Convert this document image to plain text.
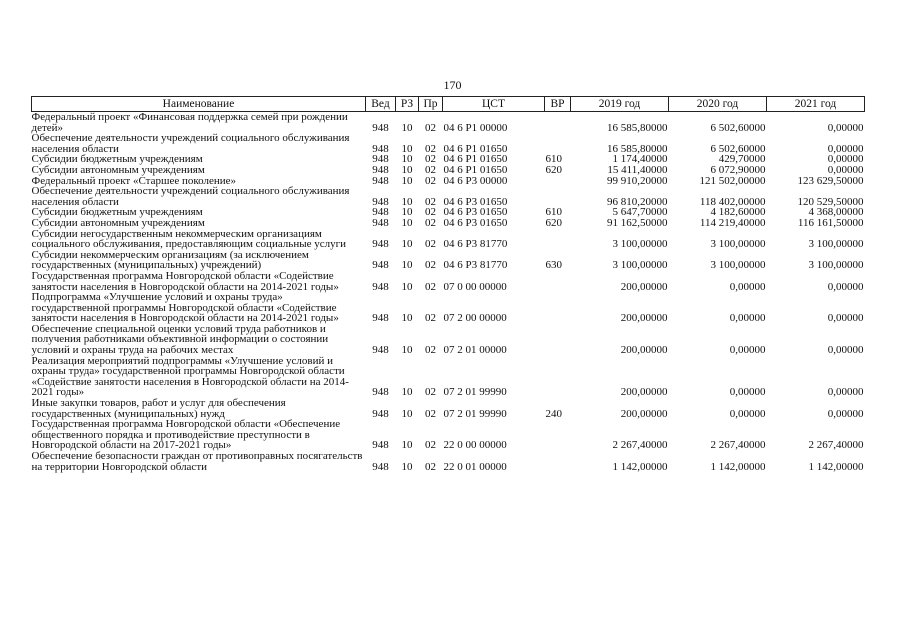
170
Наименование	Вед	РЗ	Пр	ЦСТ	ВР	2019 год	2020 год	2021 год
Федеральный проект «Финансовая поддержка семей при рождении детей»	948	10	02	04 6 P1 00000		16 585,80000	6 502,60000	0,00000
Обеспечение деятельности учреждений социального обслуживания населения области	948	10	02	04 6 P1 01650		16 585,80000	6 502,60000	0,00000
Субсидии бюджетным учреждениям	948	10	02	04 6 P1 01650	610	1 174,40000	429,70000	0,00000
Субсидии автономным учреждениям	948	10	02	04 6 P1 01650	620	15 411,40000	6 072,90000	0,00000
Федеральный проект «Старшее поколение»	948	10	02	04 6 P3 00000		99 910,20000	121 502,00000	123 629,50000
Обеспечение деятельности учреждений социального обслуживания населения области	948	10	02	04 6 P3 01650		96 810,20000	118 402,00000	120 529,50000
Субсидии бюджетным учреждениям	948	10	02	04 6 P3 01650	610	5 647,70000	4 182,60000	4 368,00000
Субсидии автономным учреждениям	948	10	02	04 6 P3 01650	620	91 162,50000	114 219,40000	116 161,50000
Субсидии негосударственным некоммерческим организациям социального обслуживания, предоставляющим социальные услуги	948	10	02	04 6 P3 81770		3 100,00000	3 100,00000	3 100,00000
Субсидии некоммерческим организациям (за исключением государственных (муниципальных) учреждений)	948	10	02	04 6 P3 81770	630	3 100,00000	3 100,00000	3 100,00000
Государственная программа Новгородской области «Содействие занятости населения в Новгородской области на 2014-2021 годы»	948	10	02	07 0 00 00000		200,00000	0,00000	0,00000
Подпрограмма «Улучшение условий и охраны труда» государственной программы Новгородской области «Содействие занятости населения в Новгородской области на 2014-2021 годы»	948	10	02	07 2 00 00000		200,00000	0,00000	0,00000
Обеспечение специальной оценки условий труда работников и получения работниками объективной информации о состоянии условий и охраны труда на рабочих местах	948	10	02	07 2 01 00000		200,00000	0,00000	0,00000
Реализация мероприятий подпрограммы «Улучшение условий и охраны труда» государственной программы Новгородской области «Содействие занятости населения в Новгородской области на 2014-2021 годы»	948	10	02	07 2 01 99990		200,00000	0,00000	0,00000
Иные закупки товаров, работ и услуг для обеспечения государственных (муниципальных) нужд	948	10	02	07 2 01 99990	240	200,00000	0,00000	0,00000
Государственная программа Новгородской области «Обеспечение общественного порядка и противодействие преступности в Новгородской области на 2017-2021 годы»	948	10	02	22 0 00 00000		2 267,40000	2 267,40000	2 267,40000
Обеспечение безопасности граждан от противоправных посягательств на территории Новгородской области	948	10	02	22 0 01 00000		1 142,00000	1 142,00000	1 142,00000
